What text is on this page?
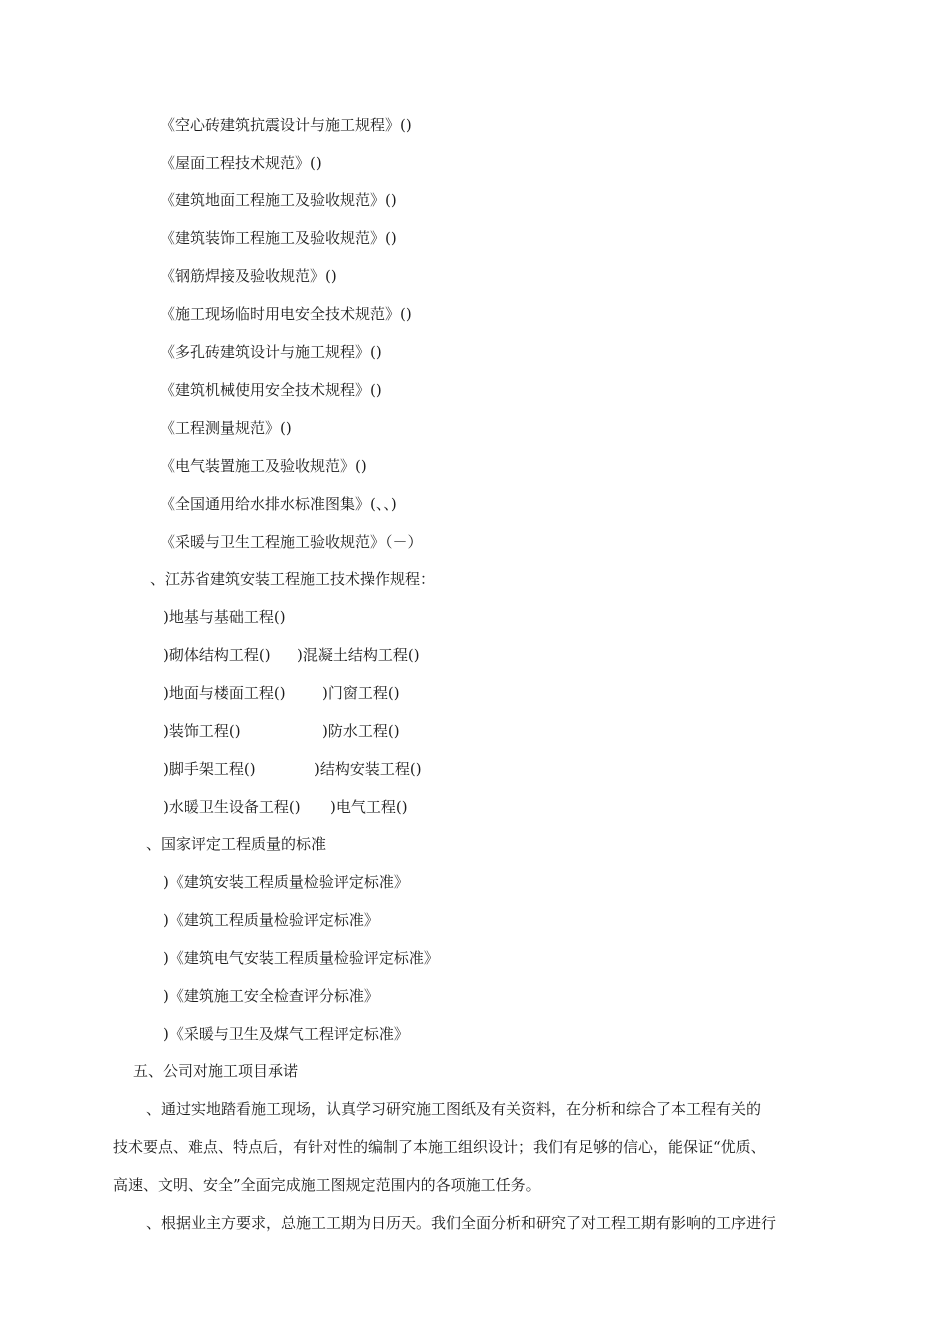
《空心砖建筑抗震设计与施工规程》()
《屋面工程技术规范》()
《建筑地面工程施工及验收规范》()
《建筑装饰工程施工及验收规范》()
《钢筋焊接及验收规范》()
《施工现场临时用电安全技术规范》()
《多孔砖建筑设计与施工规程》()
《建筑机械使用安全技术规程》()
《工程测量规范》()
《电气装置施工及验收规范》()
《全国通用给水排水标准图集》(、、)
《采暖与卫生工程施工验收规范》（－）
、江苏省建筑安装工程施工技术操作规程：
)地基与基础工程()
)砌体结构工程() )混凝土结构工程()
)地面与楼面工程() )门窗工程()
)装饰工程()	)防水工程()
)脚手架工程()	)结构安装工程()
)水暖卫生设备工程() )电气工程()
、国家评定工程质量的标准
)《建筑安装工程质量检验评定标准》
)《建筑工程质量检验评定标准》
)《建筑电气安装工程质量检验评定标准》
)《建筑施工安全检查评分标准》
)《采暖与卫生及煤气工程评定标准》
五、公司对施工项目承诺
、通过实地踏看施工现场，认真学习研究施工图纸及有关资料，在分析和综合了本工程有关的
技术要点、难点、特点后，有针对性的编制了本施工组织设计；我们有足够的信心，能保证“优质、
高速、文明、安全”全面完成施工图规定范围内的各项施工任务。
、根据业主方要求，总施工工期为日历天。我们全面分析和研究了对工程工期有影响的工序进行
